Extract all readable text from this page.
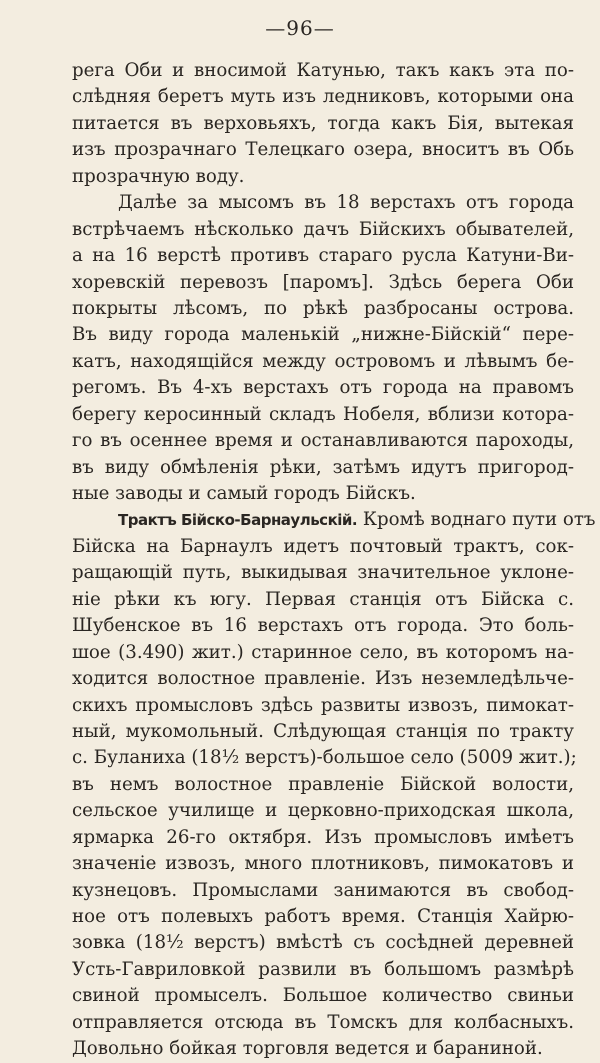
—96—
рега Оби и вносимой Катунью, такъ какъ эта по-
слѣдняя беретъ муть изъ ледниковъ, которыми она
питается въ верховьяхъ, тогда какъ Бія, вытекая
изъ прозрачнаго Телецкаго озера, вноситъ въ Обь
прозрачную воду.
Далѣе за мысомъ въ 18 верстахъ отъ города
встрѣчаемъ нѣсколько дачъ Бійскихъ обывателей,
а на 16 верстѣ противъ стараго русла Катуни-Ви-
хоревскій перевозъ [паромъ]. Здѣсь берега Оби
покрыты лѣсомъ, по рѣкѣ разбросаны острова.
Въ виду города маленькій „нижне-Бійскій“ пере-
катъ, находящійся между островомъ и лѣвымъ бе-
регомъ. Въ 4-хъ верстахъ отъ города на правомъ
берегу керосинный складъ Нобеля, вблизи котора-
го въ осеннее время и останавливаются пароходы,
въ виду обмѣленія рѣки, затѣмъ идутъ пригород-
ные заводы и самый городъ Бійскъ.
Трактъ Бійско-Барнаульскій. Кромѣ воднаго пути отъ
Бійска на Барнаулъ идетъ почтовый трактъ, сок-
ращающій путь, выкидывая значительное уклоне-
ніе рѣки къ югу. Первая станція отъ Бійска с.
Шубенское въ 16 верстахъ отъ города. Это боль-
шое (3.490) жит.) старинное село, въ которомъ на-
ходится волостное правленіе. Изъ неземледѣльче-
скихъ промысловъ здѣсь развиты извозъ, пимокат-
ный, мукомольный. Слѣдующая станція по тракту
с. Буланиха (18½ верстъ)-большое село (5009 жит.);
въ немъ волостное правленіе Бійской волости,
сельское училище и церковно-приходская школа,
ярмарка 26-го октября. Изъ промысловъ имѣетъ
значеніе извозъ, много плотниковъ, пимокатовъ и
кузнецовъ. Промыслами занимаются въ свобод-
ное отъ полевыхъ работъ время. Станція Хайрю-
зовка (18½ верстъ) вмѣстѣ съ сосѣдней деревней
Усть-Гавриловкой развили въ большомъ размѣрѣ
свиной промыселъ. Большое количество свиньи
отправляется отсюда въ Томскъ для колбасныхъ.
Довольно бойкая торговля ведется и бараниной.
